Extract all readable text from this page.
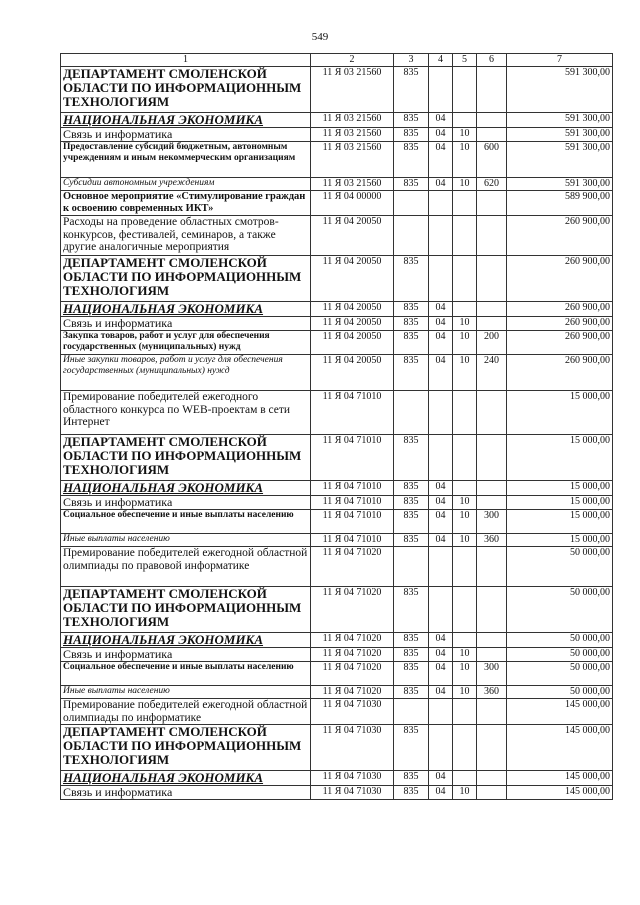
549
1	2	3	4	5	6	7
ДЕПАРТАМЕНТ СМОЛЕНСКОЙ ОБЛАСТИ ПО ИНФОРМАЦИОННЫМ ТЕХНОЛОГИЯМ	11 Я 03 21560	835				591 300,00
НАЦИОНАЛЬНАЯ ЭКОНОМИКА	11 Я 03 21560	835	04			591 300,00
Связь и информатика	11 Я 03 21560	835	04	10		591 300,00
Предоставление субсидий бюджетным, автономным учреждениям и иным некоммерческим организациям	11 Я 03 21560	835	04	10	600	591 300,00
Субсидии автономным учреждениям	11 Я 03 21560	835	04	10	620	591 300,00
Основное мероприятие «Стимулирование граждан к освоению современных ИКТ»	11 Я 04 00000					589 900,00
Расходы на проведение областных смотров-конкурсов, фестивалей, семинаров, а также другие аналогичные мероприятия	11 Я 04 20050					260 900,00
ДЕПАРТАМЕНТ СМОЛЕНСКОЙ ОБЛАСТИ ПО ИНФОРМАЦИОННЫМ ТЕХНОЛОГИЯМ	11 Я 04 20050	835				260 900,00
НАЦИОНАЛЬНАЯ ЭКОНОМИКА	11 Я 04 20050	835	04			260 900,00
Связь и информатика	11 Я 04 20050	835	04	10		260 900,00
Закупка товаров, работ и услуг для обеспечения государственных (муниципальных) нужд	11 Я 04 20050	835	04	10	200	260 900,00
Иные закупки товаров, работ и услуг для обеспечения государственных (муниципальных) нужд	11 Я 04 20050	835	04	10	240	260 900,00
Премирование победителей ежегодного областного конкурса по WEB-проектам в сети Интернет	11 Я 04 71010					15 000,00
ДЕПАРТАМЕНТ СМОЛЕНСКОЙ ОБЛАСТИ ПО ИНФОРМАЦИОННЫМ ТЕХНОЛОГИЯМ	11 Я 04 71010	835				15 000,00
НАЦИОНАЛЬНАЯ ЭКОНОМИКА	11 Я 04 71010	835	04			15 000,00
Связь и информатика	11 Я 04 71010	835	04	10		15 000,00
Социальное обеспечение и иные выплаты населению	11 Я 04 71010	835	04	10	300	15 000,00
Иные выплаты населению	11 Я 04 71010	835	04	10	360	15 000,00
Премирование победителей ежегодной областной олимпиады по правовой информатике	11 Я 04 71020					50 000,00
ДЕПАРТАМЕНТ СМОЛЕНСКОЙ ОБЛАСТИ ПО ИНФОРМАЦИОННЫМ ТЕХНОЛОГИЯМ	11 Я 04 71020	835				50 000,00
НАЦИОНАЛЬНАЯ ЭКОНОМИКА	11 Я 04 71020	835	04			50 000,00
Связь и информатика	11 Я 04 71020	835	04	10		50 000,00
Социальное обеспечение и иные выплаты населению	11 Я 04 71020	835	04	10	300	50 000,00
Иные выплаты населению	11 Я 04 71020	835	04	10	360	50 000,00
Премирование победителей ежегодной областной олимпиады по информатике	11 Я 04 71030					145 000,00
ДЕПАРТАМЕНТ СМОЛЕНСКОЙ ОБЛАСТИ ПО ИНФОРМАЦИОННЫМ ТЕХНОЛОГИЯМ	11 Я 04 71030	835				145 000,00
НАЦИОНАЛЬНАЯ ЭКОНОМИКА	11 Я 04 71030	835	04			145 000,00
Связь и информатика	11 Я 04 71030	835	04	10		145 000,00
